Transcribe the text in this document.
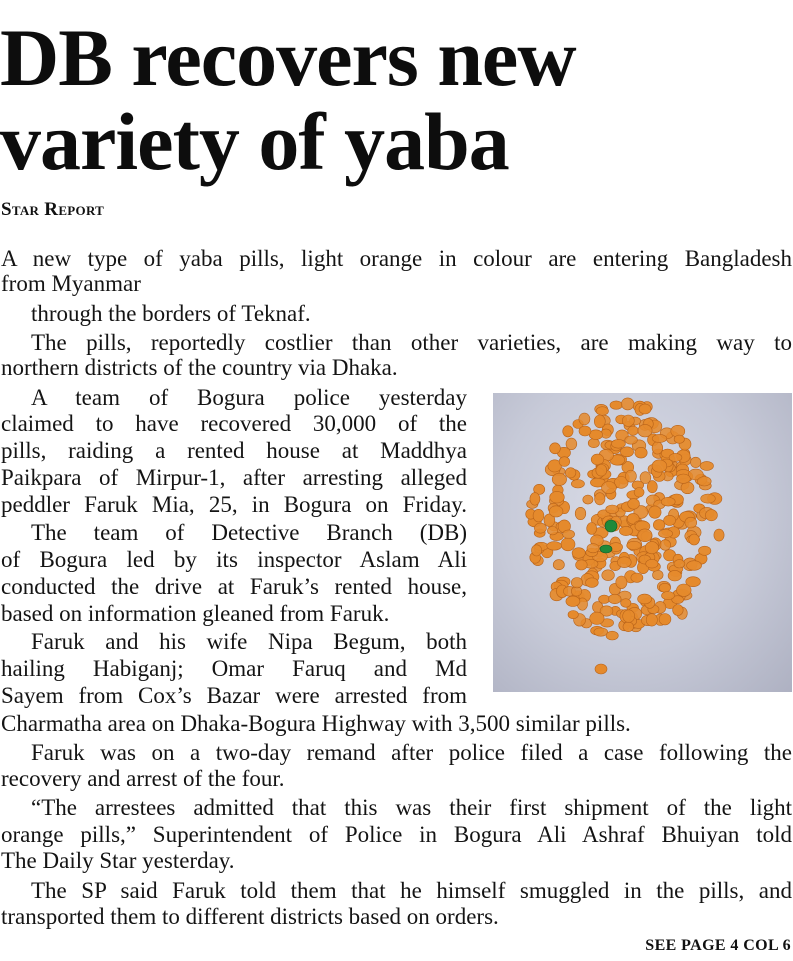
DB recovers new
variety of yaba
Star Report
A new type of yaba pills, light orange in colour are entering Bangladesh
from Myanmar
through the borders of Teknaf.
The pills, reportedly costlier than other varieties, are making way to
northern districts of the country via Dhaka.
A team of Bogura police yesterday
claimed to have recovered 30,000 of the
pills, raiding a rented house at Maddhya
Paikpara of Mirpur-1, after arresting alleged
peddler Faruk Mia, 25, in Bogura on Friday.
The team of Detective Branch (DB)
of Bogura led by its inspector Aslam Ali
conducted the drive at Faruk’s rented house,
based on information gleaned from Faruk.
Faruk and his wife Nipa Begum, both
hailing Habiganj; Omar Faruq and Md
Sayem from Cox’s Bazar were arrested from
Charmatha area on Dhaka-Bogura Highway with 3,500 similar pills.
Faruk was on a two-day remand after police filed a case following the
recovery and arrest of the four.
“The arrestees admitted that this was their first shipment of the light
orange pills,” Superintendent of Police in Bogura Ali Ashraf Bhuiyan told
The Daily Star yesterday.
The SP said Faruk told them that he himself smuggled in the pills, and
transported them to different districts based on orders.
SEE PAGE 4 COL 6
